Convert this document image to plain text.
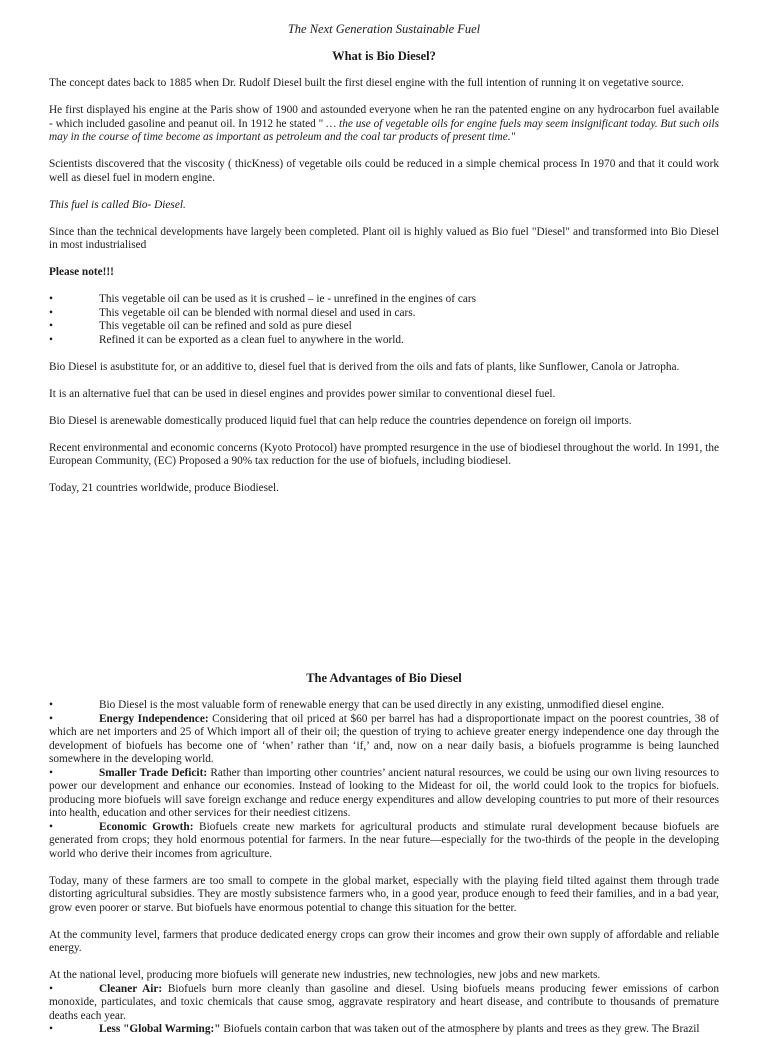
The Next Generation Sustainable Fuel
What is Bio Diesel?
The concept dates back to 1885 when Dr. Rudolf Diesel built the first diesel engine with the full intention of running it on vegetative source.
He first displayed his engine at the Paris show of 1900 and astounded everyone when he ran the patented engine on any hydrocarbon fuel available - which included gasoline and peanut oil. In 1912 he stated " … the use of vegetable oils for engine fuels may seem insignificant today. But such oils may in the course of time become as important as petroleum and the coal tar products of present time."
Scientists discovered that the viscosity ( thicKness) of vegetable oils could be reduced in a simple chemical process In 1970 and that it could work well as diesel fuel in modern engine.
This fuel is called Bio- Diesel.
Since than the technical developments have largely been completed. Plant oil is highly valued as Bio fuel "Diesel" and transformed into Bio Diesel in most industrialised
Please note!!!
•	This vegetable oil can be used as it is crushed – ie - unrefined in the engines of cars
•	This vegetable oil can be blended with normal diesel and used in cars.
•	This vegetable oil can be refined and sold as pure diesel
•	Refined it can be exported as a clean fuel to anywhere in the world.
Bio Diesel is asubstitute for, or an additive to, diesel fuel that is derived from the oils and fats of plants, like Sunflower, Canola or Jatropha.
It is an alternative fuel that can be used in diesel engines and provides power similar to conventional diesel fuel.
Bio Diesel is arenewable domestically produced liquid fuel that can help reduce the countries dependence on foreign oil imports.
Recent environmental and economic concerns (Kyoto Protocol) have prompted resurgence in the use of biodiesel throughout the world. In 1991, the European Community, (EC) Proposed a 90% tax reduction for the use of biofuels, including biodiesel.
Today, 21 countries worldwide, produce Biodiesel.
The Advantages of Bio Diesel
•	Bio Diesel is the most valuable form of renewable energy that can be used directly in any existing, unmodified diesel engine.
•	Energy Independence: Considering that oil priced at $60 per barrel has had a disproportionate impact on the poorest countries, 38 of which are net importers and 25 of Which import all of their oil; the question of trying to achieve greater energy independence one day through the development of biofuels has become one of ‘when’ rather than ‘if,’ and, now on a near daily basis, a biofuels programme is being launched somewhere in the developing world.
•	Smaller Trade Deficit: Rather than importing other countries’ ancient natural resources, we could be using our own living resources to power our development and enhance our economies. Instead of looking to the Mideast for oil, the world could look to the tropics for biofuels. producing more biofuels will save foreign exchange and reduce energy expenditures and allow developing countries to put more of their resources into health, education and other services for their neediest citizens.
•	Economic Growth: Biofuels create new markets for agricultural products and stimulate rural development because biofuels are generated from crops; they hold enormous potential for farmers. In the near future—especially for the two-thirds of the people in the developing world who derive their incomes from agriculture.
Today, many of these farmers are too small to compete in the global market, especially with the playing field tilted against them through trade distorting agricultural subsidies. They are mostly subsistence farmers who, in a good year, produce enough to feed their families, and in a bad year, grow even poorer or starve. But biofuels have enormous potential to change this situation for the better.
At the community level, farmers that produce dedicated energy crops can grow their incomes and grow their own supply of affordable and reliable energy.
At the national level, producing more biofuels will generate new industries, new technologies, new jobs and new markets.
•	Cleaner Air: Biofuels burn more cleanly than gasoline and diesel. Using biofuels means producing fewer emissions of carbon monoxide, particulates, and toxic chemicals that cause smog, aggravate respiratory and heart disease, and contribute to thousands of premature deaths each year.
•	Less "Global Warming:" Biofuels contain carbon that was taken out of the atmosphere by plants and trees as they grew. The Brazil
